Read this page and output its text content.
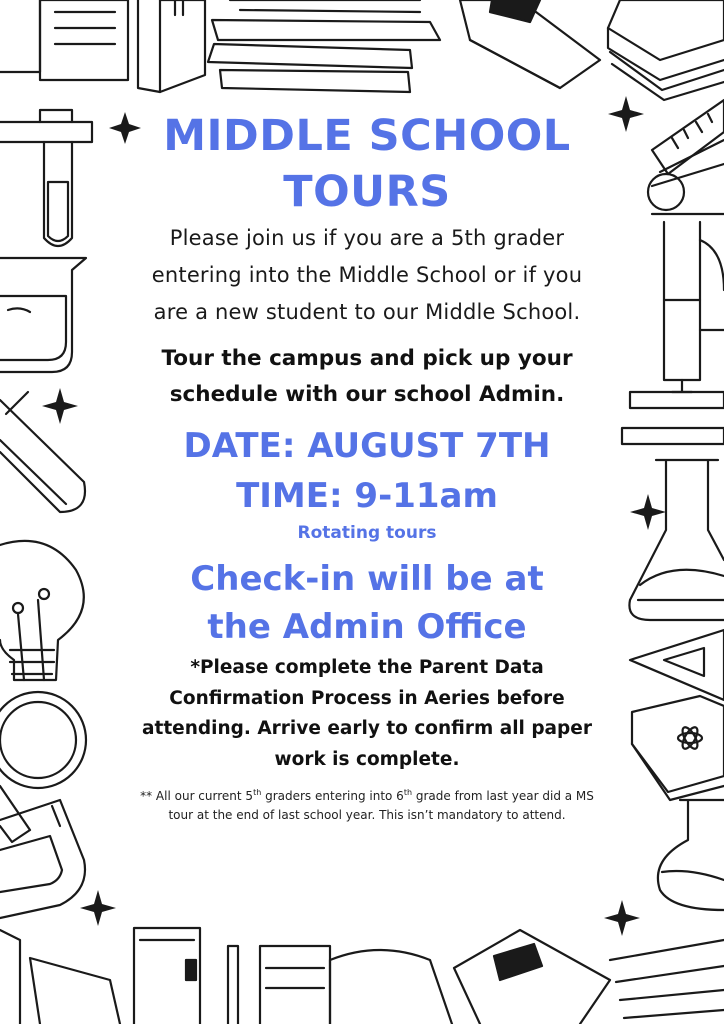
MIDDLE SCHOOL
TOURS

Please join us if you are a 5th grader
entering into the Middle School or if you
are a new student to our Middle School.

Tour the campus and pick up your
schedule with our school Admin.

DATE: AUGUST 7TH

TIME: 9-11am

Rotating tours

Check-in will be at
the Admin Office

*Please complete the Parent Data
Confirmation Process in Aeries before
attending. Arrive early to confirm all paper
work is complete.

** All our current 5th graders entering into 6th grade from last year did a MS
tour at the end of last school year. This isn’t mandatory to attend.
